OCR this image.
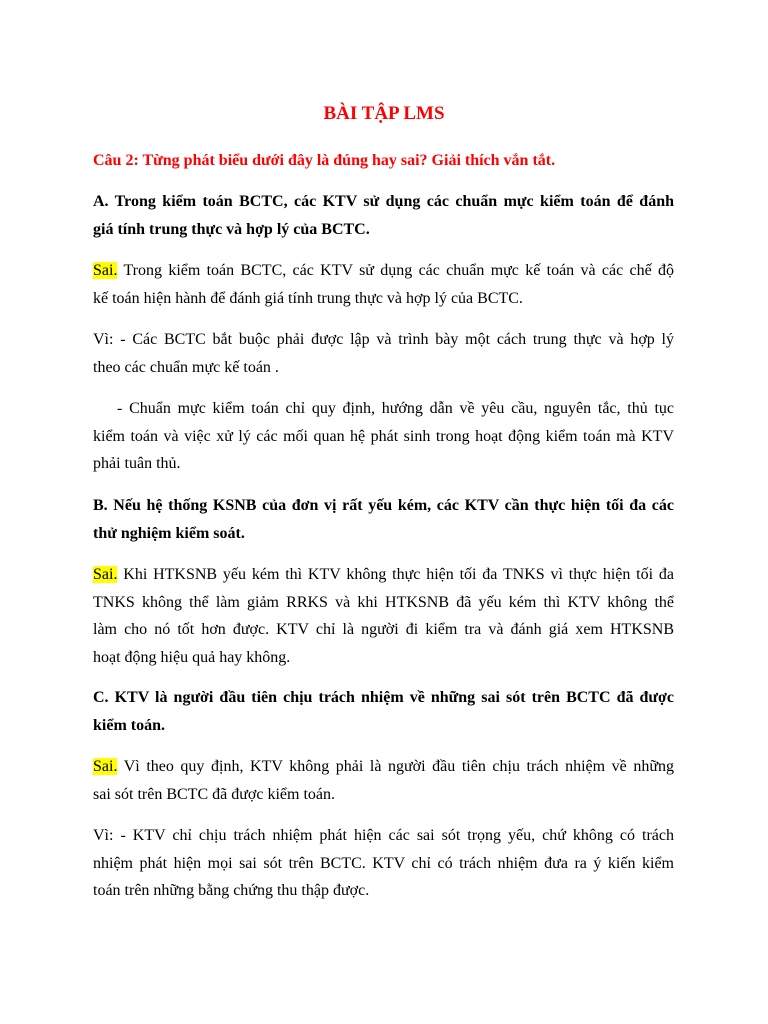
BÀI TẬP LMS
Câu 2: Từng phát biểu dưới đây là đúng hay sai? Giải thích vắn tắt.
A. Trong kiểm toán BCTC, các KTV sử dụng các chuẩn mực kiểm toán để đánh
giá tính trung thực và hợp lý của BCTC.
Sai. Trong kiểm toán BCTC, các KTV sử dụng các chuẩn mực kế toán và các chế độ
kế toán hiện hành để đánh giá tính trung thực và hợp lý của BCTC.
Vì: - Các BCTC bắt buộc phải được lập và trình bày một cách trung thực và hợp lý
theo các chuẩn mực kế toán .
- Chuẩn mực kiểm toán chỉ quy định, hướng dẫn về yêu cầu, nguyên tắc, thủ tục
kiểm toán và việc xử lý các mối quan hệ phát sinh trong hoạt động kiểm toán mà KTV
phải tuân thủ.
B. Nếu hệ thống KSNB của đơn vị rất yếu kém, các KTV cần thực hiện tối đa các
thử nghiệm kiểm soát.
Sai. Khi HTKSNB yếu kém thì KTV không thực hiện tối đa TNKS vì thực hiện tối đa
TNKS không thể làm giảm RRKS và khi HTKSNB đã yếu kém thì KTV không thể
làm cho nó tốt hơn được. KTV chỉ là người đi kiểm tra và đánh giá xem HTKSNB
hoạt động hiệu quả hay không.
C. KTV là người đầu tiên chịu trách nhiệm về những sai sót trên BCTC đã được
kiểm toán.
Sai. Vì theo quy định, KTV không phải là người đầu tiên chịu trách nhiệm về những
sai sót trên BCTC đã được kiểm toán.
Vì: - KTV chỉ chịu trách nhiệm phát hiện các sai sót trọng yếu, chứ không có trách
nhiệm phát hiện mọi sai sót trên BCTC. KTV chỉ có trách nhiệm đưa ra ý kiến kiểm
toán trên những bằng chứng thu thập được.
